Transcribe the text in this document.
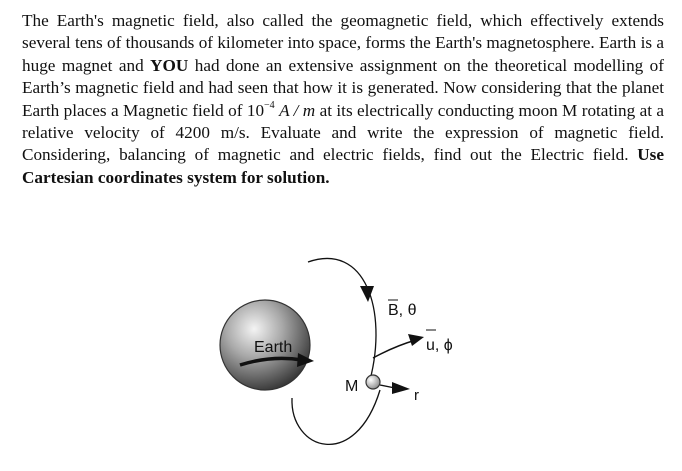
The Earth's magnetic field, also called the geomagnetic field, which effectively extends several tens of thousands of kilometer into space, forms the Earth's magnetosphere. Earth is a huge magnet and YOU had done an extensive assignment on the theoretical modelling of Earth’s magnetic field and had seen that how it is generated. Now considering that the planet Earth places a Magnetic field of $10^{-4}$ A / m at its electrically conducting moon M rotating at a relative velocity of 4200 m/s. Evaluate and write the expression of magnetic field. Considering, balancing of magnetic and electric fields, find out the Electric field. Use Cartesian coordinates system for solution.

Earth
B, θ
u, ϕ
M
r
